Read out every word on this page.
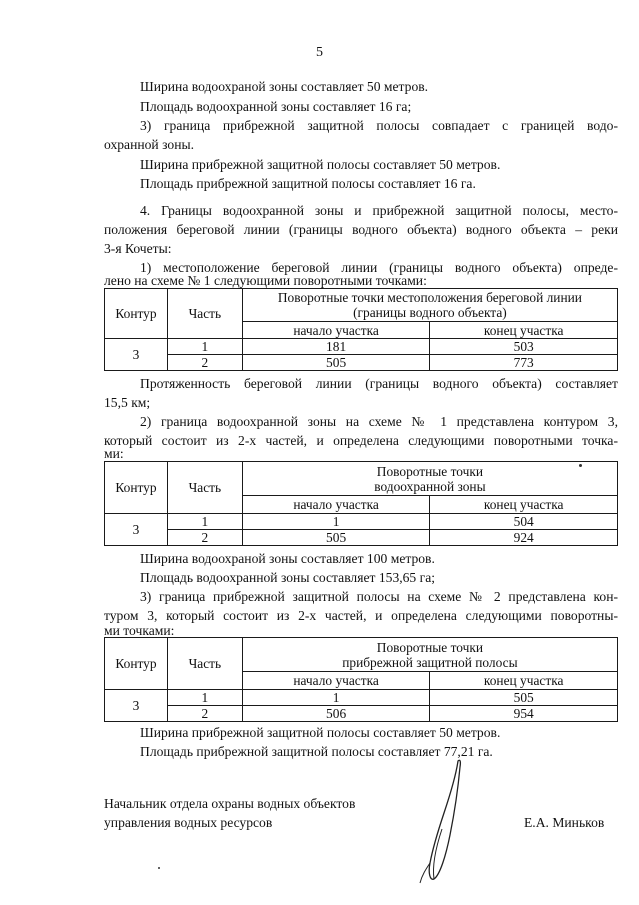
5
Ширина водоохраной зоны составляет 50 метров.
Площадь водоохранной зоны составляет 16 га;
3) граница прибрежной защитной полосы совпадает с границей водо-
охранной зоны.
Ширина прибрежной защитной полосы составляет 50 метров.
Площадь прибрежной защитной полосы составляет 16 га.
4. Границы водоохранной зоны и прибрежной защитной полосы, место-
положения береговой линии (границы водного объекта) водного объекта – реки
3-я Кочеты:
1) местоположение береговой линии (границы водного объекта) опреде-
лено на схеме № 1 следующими поворотными точками:
Контур	Часть	Поворотные точки местоположения береговой линии
(границы водного объекта)	

		начало участка	конец участка
3	1	181	503
	2	505	773
Протяженность береговой линии (границы водного объекта) составляет
15,5 км;
2) граница водоохранной зоны на схеме № 1 представлена контуром 3,
который состоит из 2-х частей, и определена следующими поворотными точка-
ми:
Контур	Часть	Поворотные точки
водоохранной зоны	

		начало участка	конец участка
3	1	1	504
	2	505	924
Ширина водоохраной зоны составляет 100 метров.
Площадь водоохранной зоны составляет 153,65 га;
3) граница прибрежной защитной полосы на схеме № 2 представлена кон-
туром 3, который состоит из 2-х частей, и определена следующими поворотны-
ми точками:
Контур	Часть	Поворотные точки
прибрежной защитной полосы	

		начало участка	конец участка
3	1	1	505
	2	506	954
Ширина прибрежной защитной полосы составляет 50 метров.
Площадь прибрежной защитной полосы составляет 77,21 га.
Начальник отдела охраны водных объектов
управления водных ресурсов	Е.А. Миньков
